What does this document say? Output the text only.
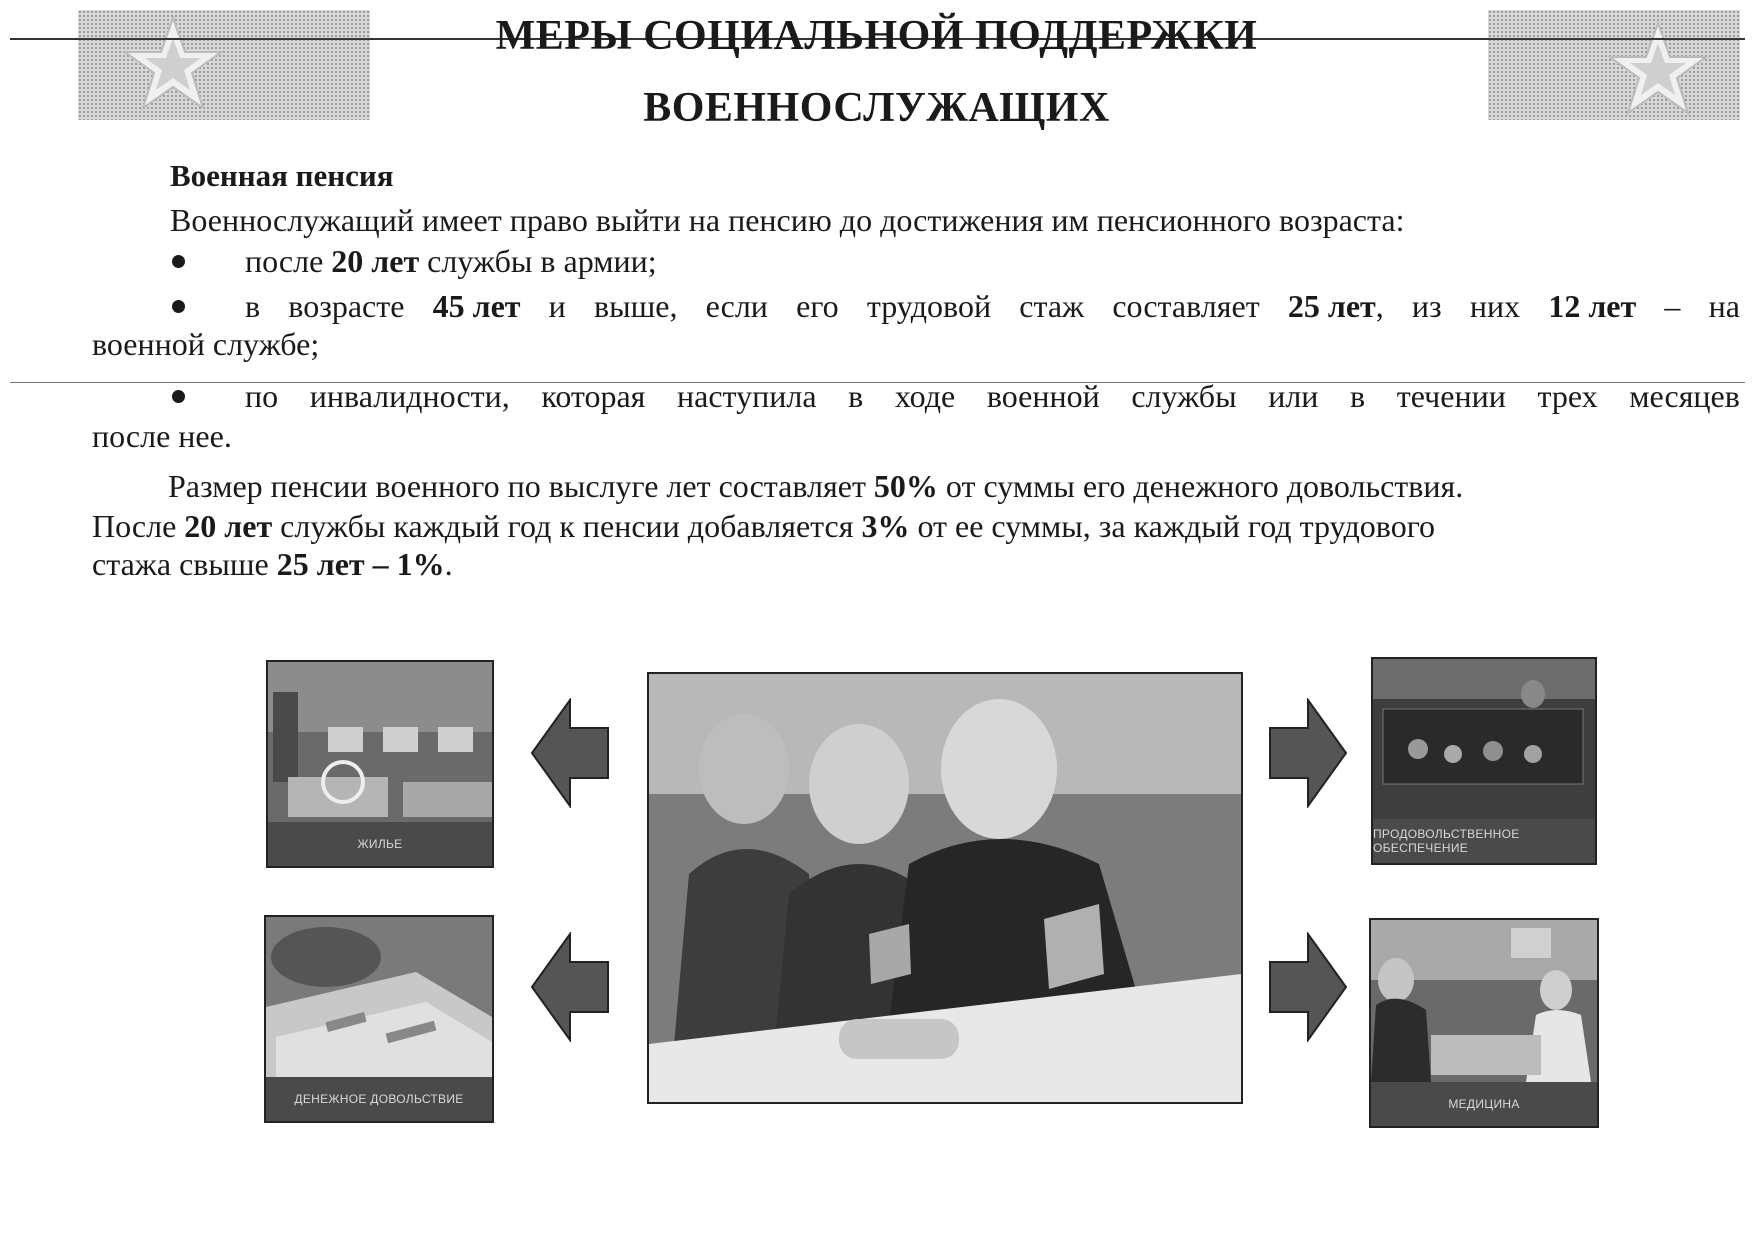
МЕРЫ СОЦИАЛЬНОЙ ПОДДЕРЖКИ
ВОЕННОСЛУЖАЩИХ
Военная пенсия
Военнослужащий имеет право выйти на пенсию до достижения им пенсионного возраста:
после 20 лет службы в армии;
в возрасте 45 лет и выше, если его трудовой стаж составляет 25 лет, из них 12 лет – на
военной службе;
по инвалидности, которая наступила в ходе военной службы или в течении трех месяцев
после нее.
Размер пенсии военного по выслуге лет составляет 50% от суммы его денежного довольствия.
После 20 лет службы каждый год к пенсии добавляется 3% от ее суммы, за каждый год трудового
стажа свыше 25 лет – 1%.
ЖИЛЬЕ
ДЕНЕЖНОЕ ДОВОЛЬСТВИЕ
ПРОДОВОЛЬСТВЕННОЕ ОБЕСПЕЧЕНИЕ
МЕДИЦИНА
